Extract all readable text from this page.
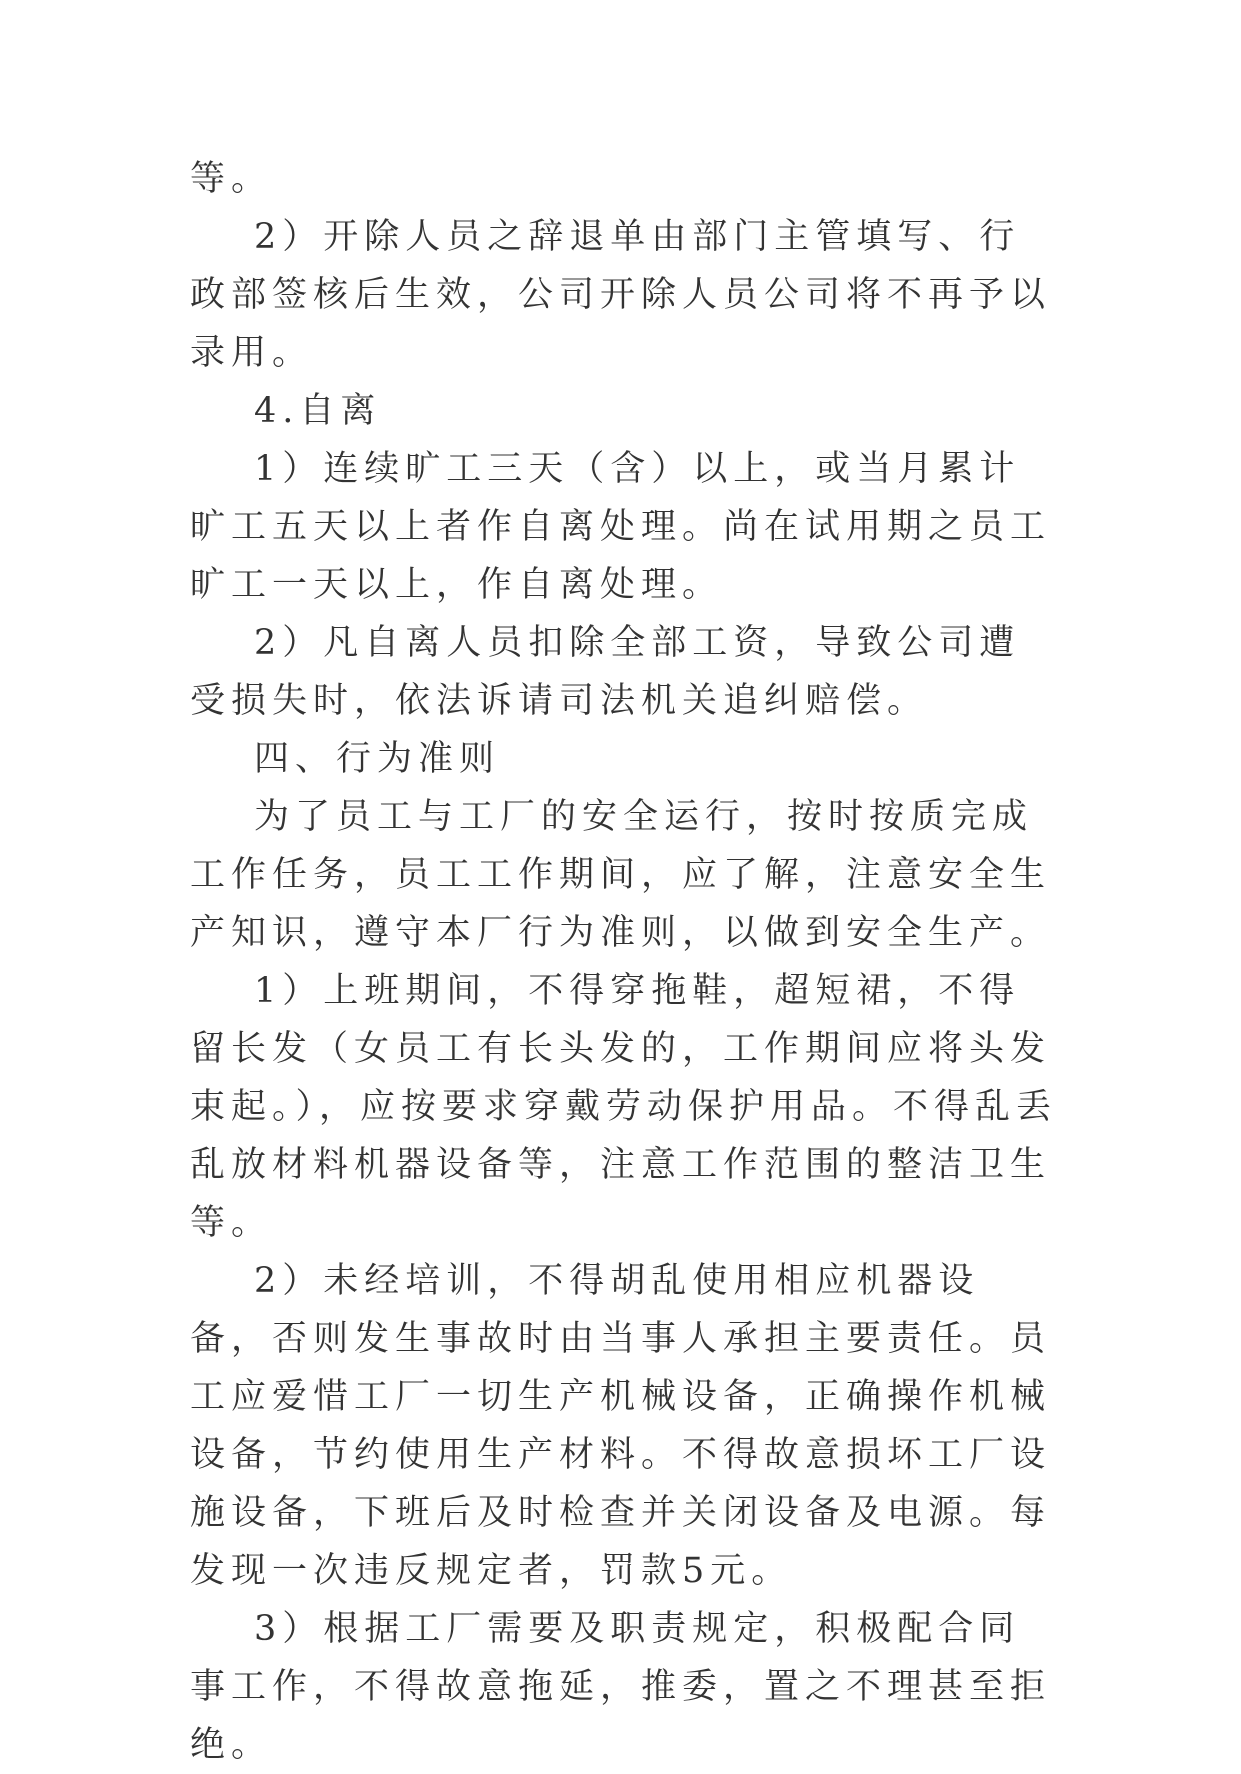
等。

2）开除人员之辞退单由部门主管填写、行政部签核后生效，公司开除人员公司将不再予以录用。

4.自离

1）连续旷工三天（含）以上，或当月累计旷工五天以上者作自离处理。尚在试用期之员工旷工一天以上，作自离处理。

2）凡自离人员扣除全部工资，导致公司遭受损失时，依法诉请司法机关追纠赔偿。

四、行为准则

为了员工与工厂的安全运行，按时按质完成工作任务，员工工作期间，应了解，注意安全生产知识，遵守本厂行为准则，以做到安全生产。

1）上班期间，不得穿拖鞋，超短裙，不得留长发（女员工有长头发的，工作期间应将头发束起。），应按要求穿戴劳动保护用品。不得乱丢乱放材料机器设备等，注意工作范围的整洁卫生等。

2）未经培训，不得胡乱使用相应机器设备，否则发生事故时由当事人承担主要责任。员工应爱惜工厂一切生产机械设备，正确操作机械设备，节约使用生产材料。不得故意损坏工厂设施设备，下班后及时检查并关闭设备及电源。每发现一次违反规定者，罚款5元。

3）根据工厂需要及职责规定，积极配合同事工作，不得故意拖延，推委，置之不理甚至拒绝。
